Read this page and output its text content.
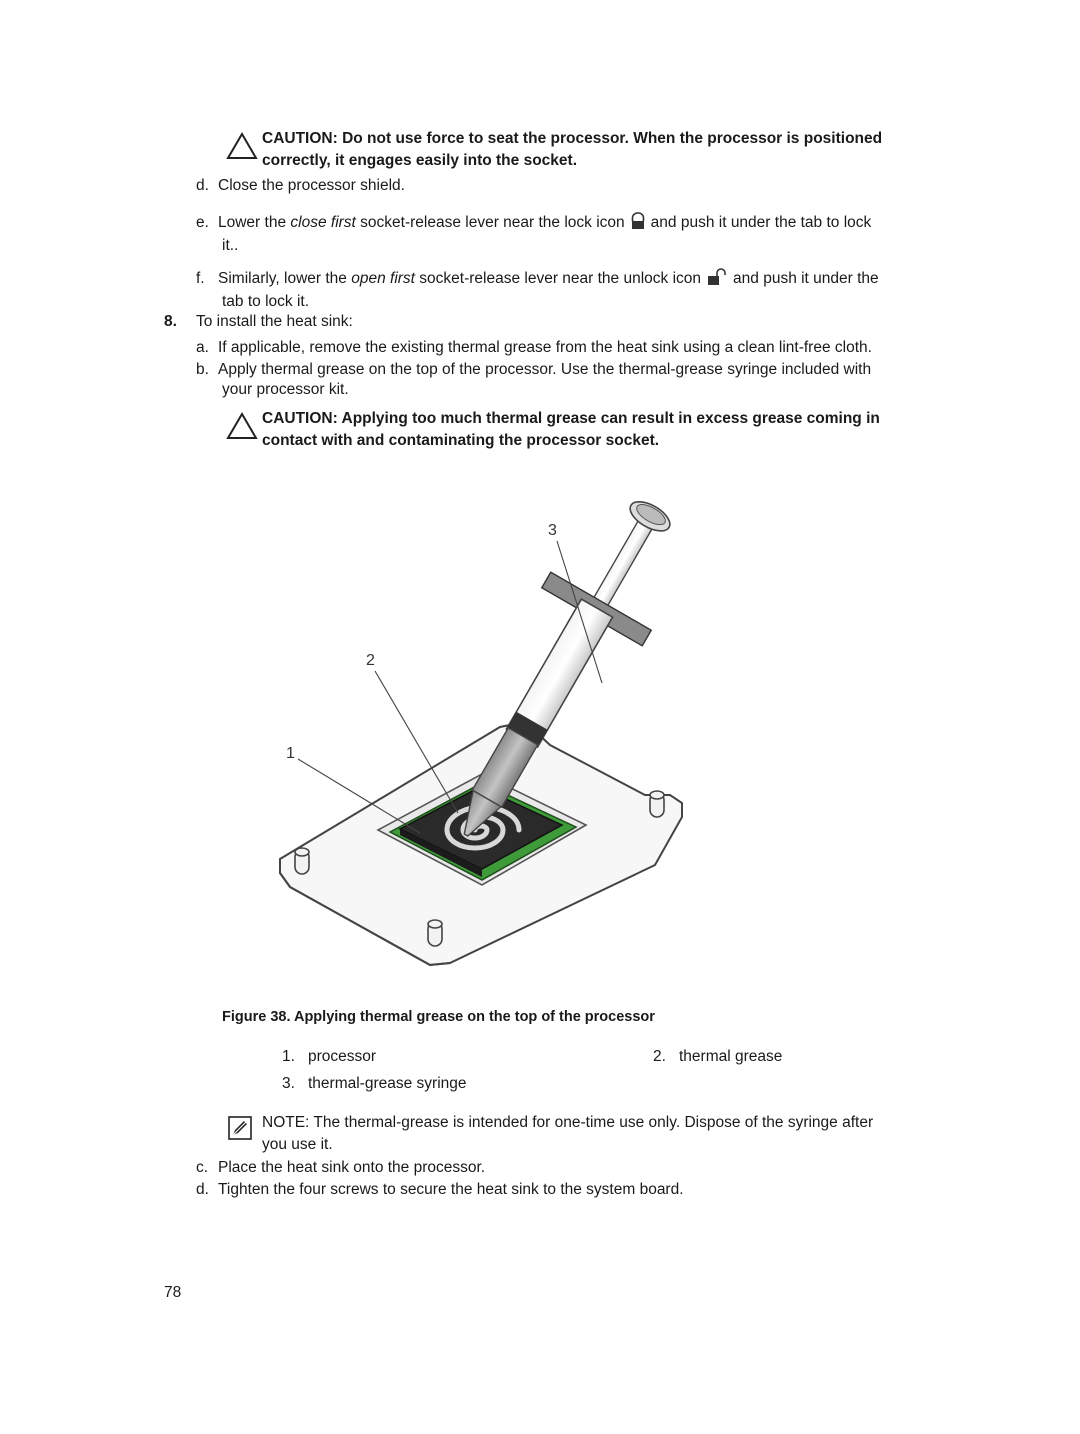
CAUTION: Do not use force to seat the processor. When the processor is positioned
correctly, it engages easily into the socket.
d. Close the processor shield.
e. Lower the close first socket-release lever near the lock icon and push it under the tab to lock
it..
f. Similarly, lower the open first socket-release lever near the unlock icon and push it under the
tab to lock it.
8. To install the heat sink:
a. If applicable, remove the existing thermal grease from the heat sink using a clean lint-free cloth.
b. Apply thermal grease on the top of the processor. Use the thermal-grease syringe included with
your processor kit.
CAUTION: Applying too much thermal grease can result in excess grease coming in
contact with and contaminating the processor socket.
1
2
3
Figure 38. Applying thermal grease on the top of the processor
1. processor	2. thermal grease
3. thermal-grease syringe
NOTE: The thermal-grease is intended for one-time use only. Dispose of the syringe after
you use it.
c. Place the heat sink onto the processor.
d. Tighten the four screws to secure the heat sink to the system board.
78
